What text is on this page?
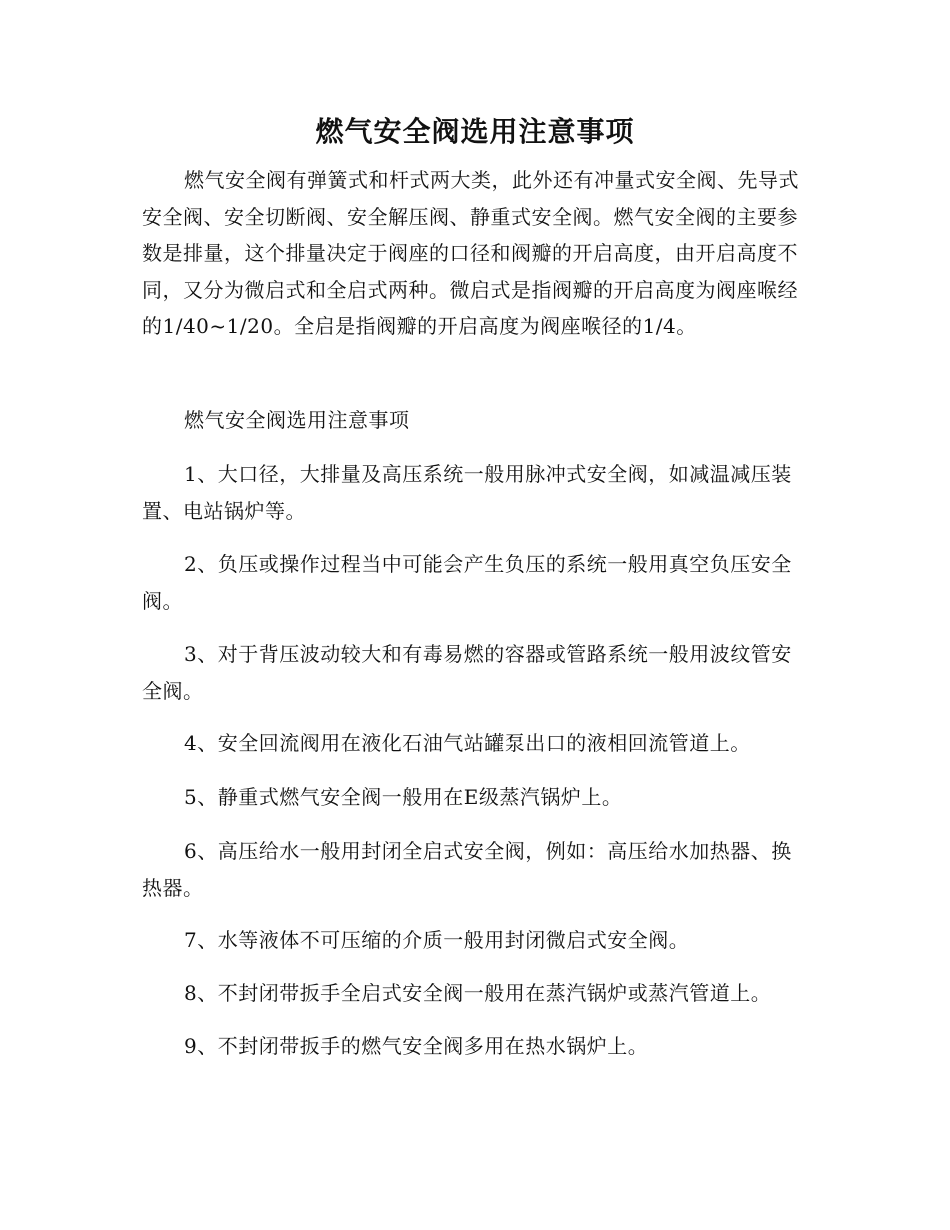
燃气安全阀选用注意事项

燃气安全阀有弹簧式和杆式两大类，此外还有冲量式安全阀、先导式安全阀、安全切断阀、安全解压阀、静重式安全阀。燃气安全阀的主要参数是排量，这个排量决定于阀座的口径和阀瓣的开启高度，由开启高度不同，又分为微启式和全启式两种。微启式是指阀瓣的开启高度为阀座喉经的1/40~1/20。全启是指阀瓣的开启高度为阀座喉径的1/4。

燃气安全阀选用注意事项

1、大口径，大排量及高压系统一般用脉冲式安全阀，如减温减压装置、电站锅炉等。

2、负压或操作过程当中可能会产生负压的系统一般用真空负压安全阀。

3、对于背压波动较大和有毒易燃的容器或管路系统一般用波纹管安全阀。

4、安全回流阀用在液化石油气站罐泵出口的液相回流管道上。

5、静重式燃气安全阀一般用在E级蒸汽锅炉上。

6、高压给水一般用封闭全启式安全阀，例如：高压给水加热器、换热器。

7、水等液体不可压缩的介质一般用封闭微启式安全阀。

8、不封闭带扳手全启式安全阀一般用在蒸汽锅炉或蒸汽管道上。

9、不封闭带扳手的燃气安全阀多用在热水锅炉上。
